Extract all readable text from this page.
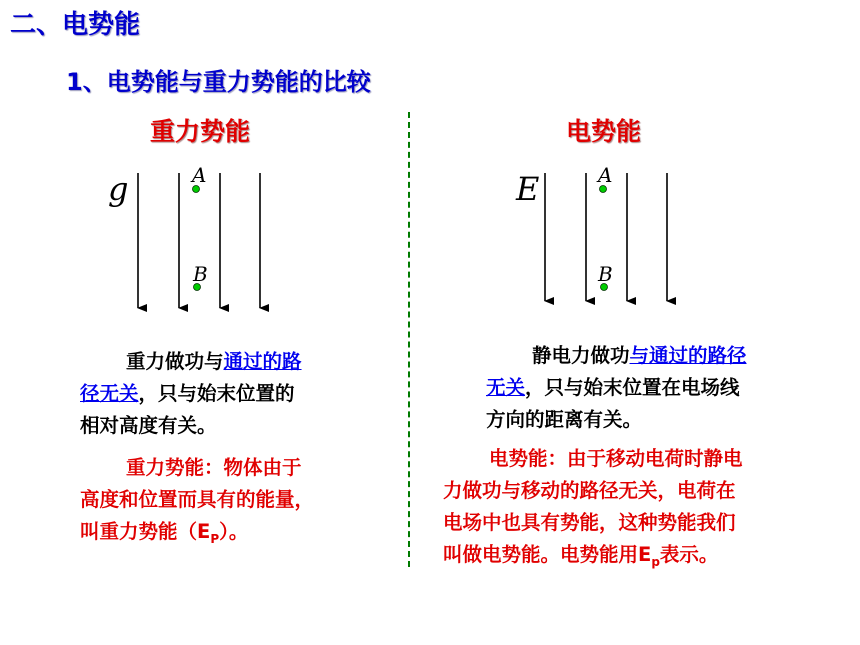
二、电势能
1、电势能与重力势能的比较
重力势能	电势能
g	A
B
E	A
B
重力做功与通过的路
径无关，只与始末位置的
相对高度有关。
重力势能：物体由于
高度和位置而具有的能量，
叫重力势能$(E_P)$。
静电力做功与通过的路径
无关，只与始末位置在电场线
方向的距离有关。
电势能：由于移动电荷时静电
力做功与移动的路径无关，电荷在
电场中也具有势能，这种势能我们
叫做电势能。电势能用$E_p$表示。
